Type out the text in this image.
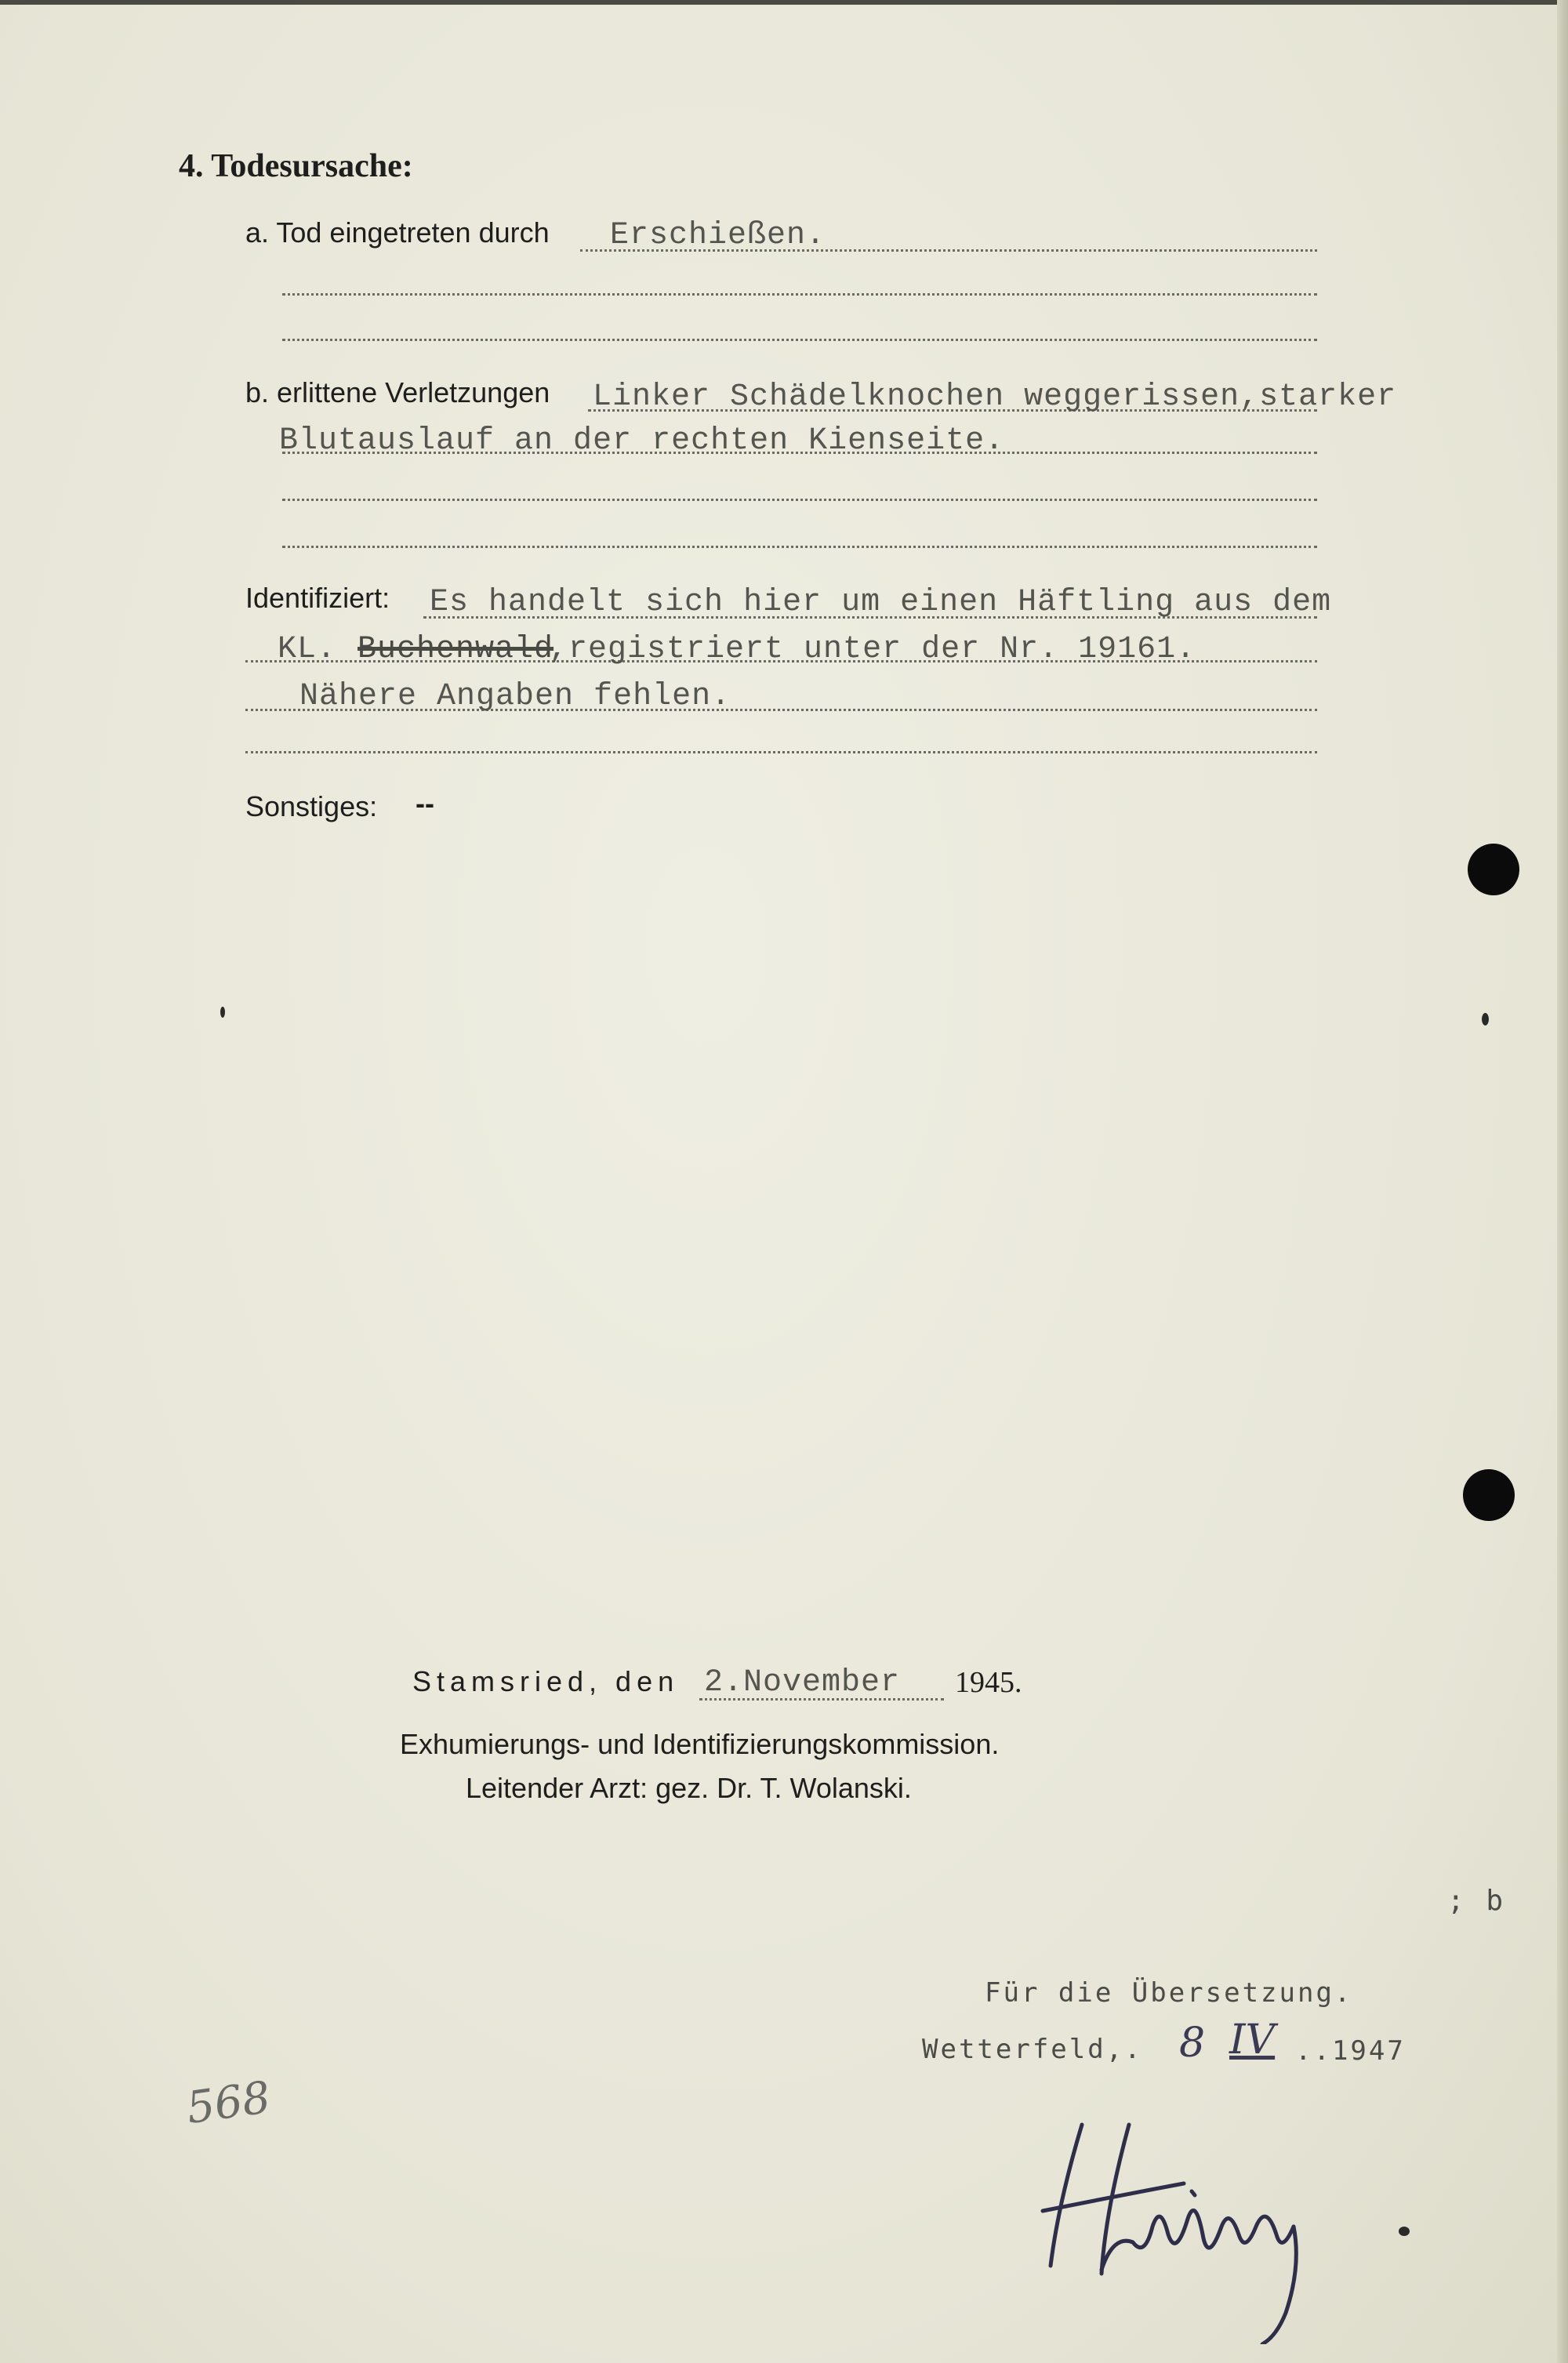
4. Todesursache:
a. Tod eingetreten durch Erschießen.
b. erlittene Verletzungen Linker Schädelknochen weggerissen,starker
Blutauslauf an der rechten Kienseite.
Identifiziert: Es handelt sich hier um einen Häftling aus dem
KL. Buchenwald
,registriert unter der Nr. 19161.
Nähere Angaben fehlen.
Sonstiges: --
Stamsried, den 2.November 1945.
Exhumierungs- und Identifizierungskommission.
Leitender Arzt: gez. Dr. T. Wolanski.
Für die Übersetzung.
Wetterfeld,. 8 IV ..1947
; b
568
